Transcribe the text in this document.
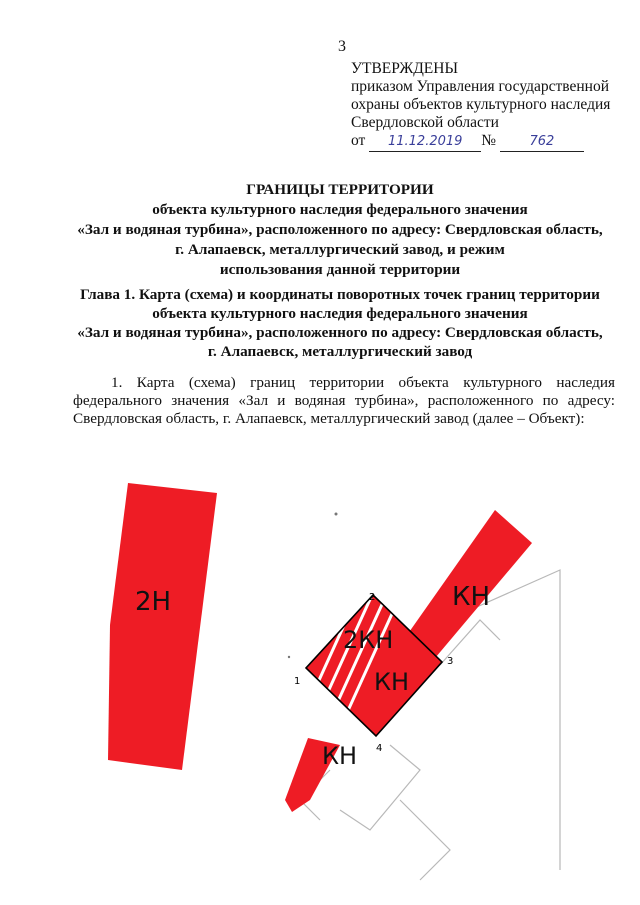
3
УТВЕРЖДЕНЫ
приказом Управления государственной
охраны объектов культурного наследия
Свердловской области
от 11.12.2019 №	762
ГРАНИЦЫ ТЕРРИТОРИИ
объекта культурного наследия федерального значения
«Зал и водяная турбина», расположенного по адресу: Свердловская область,
г. Алапаевск, металлургический завод, и режим
использования данной территории
Глава 1. Карта (схема) и координаты поворотных точек границ территории
объекта культурного наследия федерального значения
«Зал и водяная турбина», расположенного по адресу: Свердловская область,
г. Алапаевск, металлургический завод
1. Карта (схема) границ территории объекта культурного наследия федерального значения «Зал и водяная турбина», расположенного по адресу: Свердловская область, г. Алапаевск, металлургический завод (далее – Объект):
2
3
1
4
2Н	КН
2КН
КН
КН
